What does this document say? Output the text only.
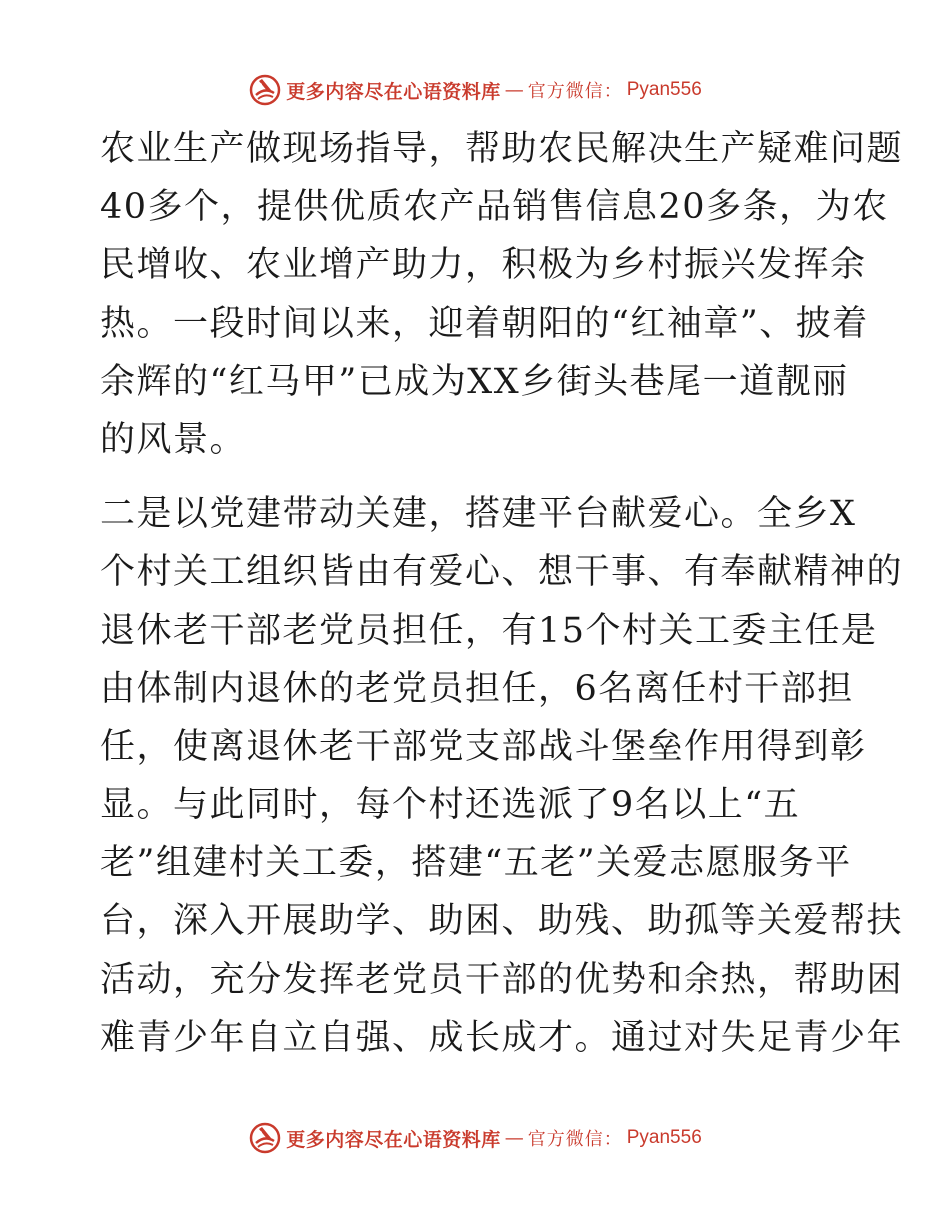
更多内容尽在心语资料库 — 官方微信： Pyan556
农业生产做现场指导，帮助农民解决生产疑难问题
40多个，提供优质农产品销售信息20多条，为农
民增收、农业增产助力，积极为乡村振兴发挥余
热。一段时间以来，迎着朝阳的“红袖章”、披着
余辉的“红马甲”已成为XX乡街头巷尾一道靓丽
的风景。
二是以党建带动关建，搭建平台献爱心。全乡X
个村关工组织皆由有爱心、想干事、有奉献精神的
退休老干部老党员担任，有15个村关工委主任是
由体制内退休的老党员担任，6名离任村干部担
任，使离退休老干部党支部战斗堡垒作用得到彰
显。与此同时，每个村还选派了9名以上“五
老”组建村关工委，搭建“五老”关爱志愿服务平
台，深入开展助学、助困、助残、助孤等关爱帮扶
活动，充分发挥老党员干部的优势和余热，帮助困
难青少年自立自强、成长成才。通过对失足青少年
更多内容尽在心语资料库 — 官方微信： Pyan556
